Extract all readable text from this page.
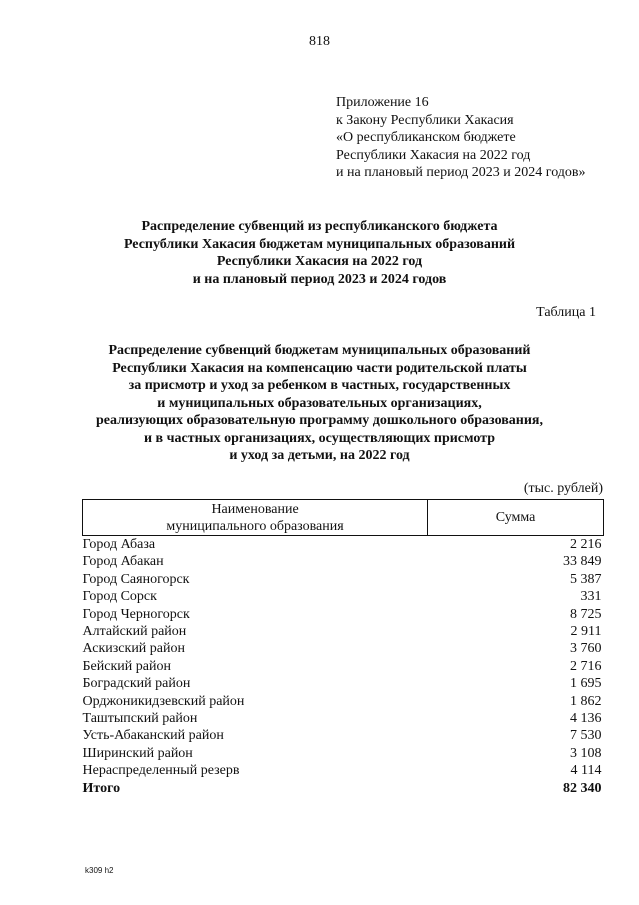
818
Приложение 16
к Закону Республики Хакасия
«О республиканском бюджете
Республики Хакасия на 2022 год
и на плановый период 2023 и 2024 годов»
Распределение субвенций из республиканского бюджета
Республики Хакасия бюджетам муниципальных образований
Республики Хакасия на 2022 год
и на плановый период 2023 и 2024 годов
Таблица 1
Распределение субвенций бюджетам муниципальных образований
Республики Хакасия на компенсацию части родительской платы
за присмотр и уход за ребенком в частных, государственных
и муниципальных образовательных организациях,
реализующих образовательную программу дошкольного образования,
и в частных организациях, осуществляющих присмотр
и уход за детьми, на 2022 год
(тыс. рублей)
Наименование
муниципального образования	Сумма
Город Абаза	2 216
Город Абакан	33 849
Город Саяногорск	5 387
Город Сорск	331
Город Черногорск	8 725
Алтайский район	2 911
Аскизский район	3 760
Бейский район	2 716
Боградский район	1 695
Орджоникидзевский район	1 862
Таштыпский район	4 136
Усть-Абаканский район	7 530
Ширинский район	3 108
Нераспределенный резерв	4 114
Итого	82 340
k309 h2
